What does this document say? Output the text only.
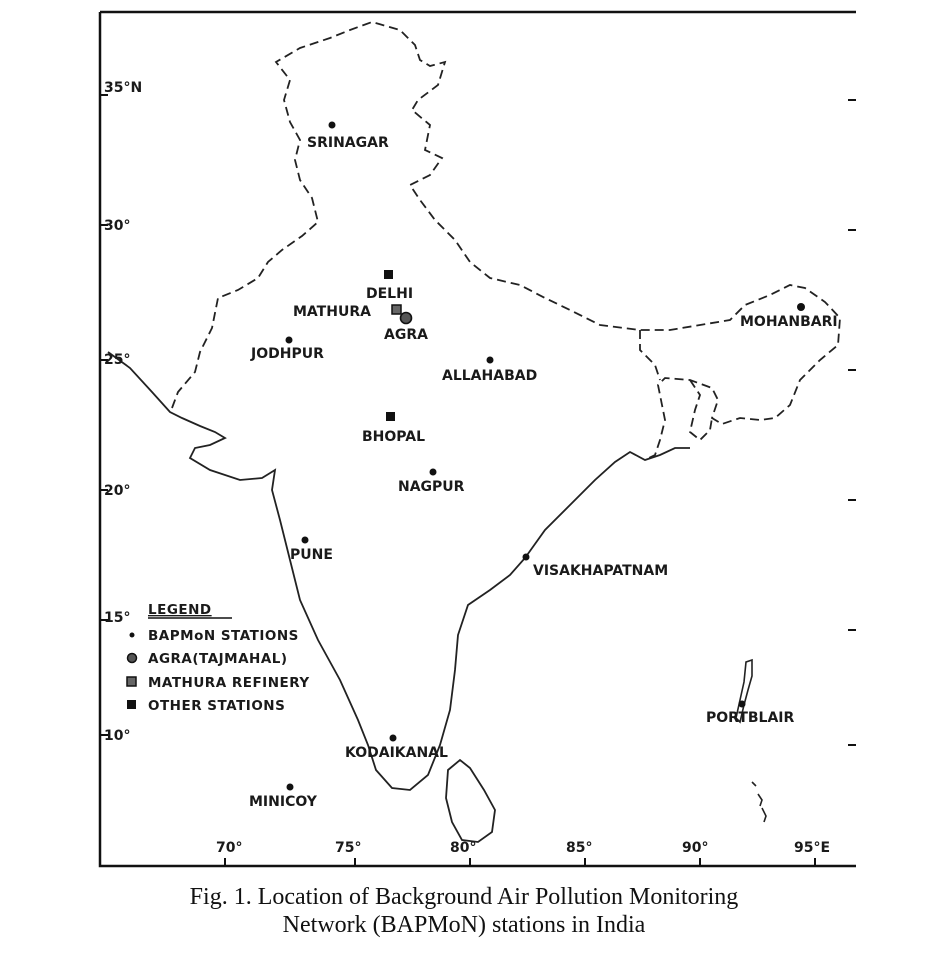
SRINAGAR
DELHI
MATHURA
AGRA
JODHPUR
ALLAHABAD
MOHANBARI
BHOPAL
NAGPUR
PUNE
VISAKHAPATNAM
PORTBLAIR
KODAIKANAL
MINICOY
35°N
30°
25°
20°
15°
10°
70°	75°	80°	85°	90°	95°E
LEGEND
BAPMoN STATIONS
AGRA(TAJMAHAL)
MATHURA REFINERY
OTHER STATIONS
Fig. 1. Location of Background Air Pollution Monitoring
Network (BAPMoN) stations in India
